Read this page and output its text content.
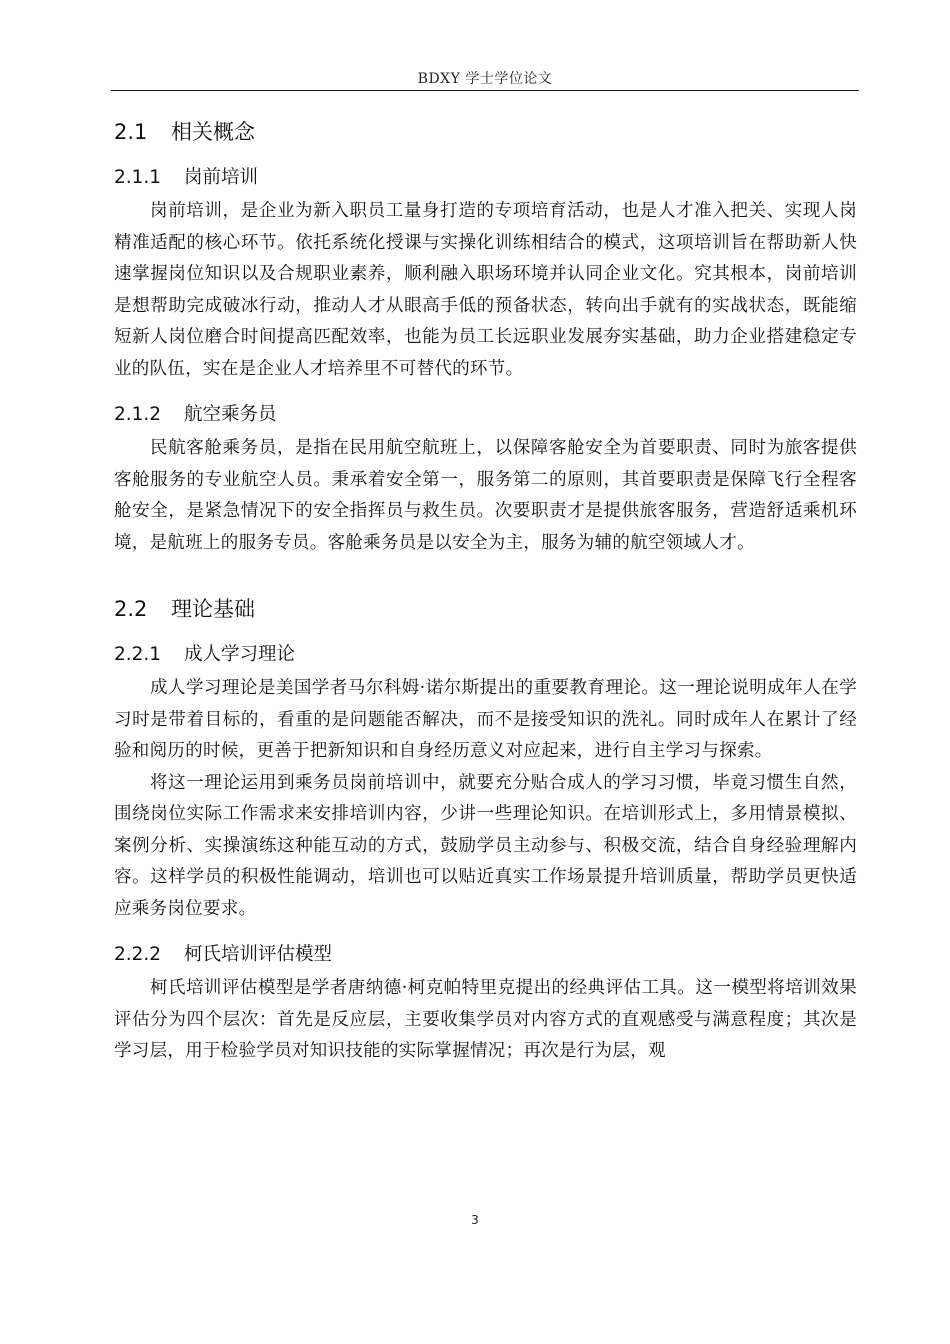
BDXY 学士学位论文
2.1 相关概念
2.1.1 岗前培训

岗前培训，是企业为新入职员工量身打造的专项培育活动，也是人才准入把关、实现人岗精准适配的核心环节。依托系统化授课与实操化训练相结合的模式，这项培训旨在帮助新人快速掌握岗位知识以及合规职业素养，顺利融入职场环境并认同企业文化。究其根本，岗前培训是想帮助完成破冰行动，推动人才从眼高手低的预备状态，转向出手就有的实战状态，既能缩短新人岗位磨合时间提高匹配效率，也能为员工长远职业发展夯实基础，助力企业搭建稳定专业的队伍，实在是企业人才培养里不可替代的环节。

2.1.2 航空乘务员

民航客舱乘务员，是指在民用航空航班上，以保障客舱安全为首要职责、同时为旅客提供客舱服务的专业航空人员。秉承着安全第一，服务第二的原则，其首要职责是保障飞行全程客舱安全，是紧急情况下的安全指挥员与救生员。次要职责才是提供旅客服务，营造舒适乘机环境，是航班上的服务专员。客舱乘务员是以安全为主，服务为辅的航空领域人才。

2.2 理论基础
2.2.1 成人学习理论

成人学习理论是美国学者马尔科姆·诺尔斯提出的重要教育理论。这一理论说明成年人在学习时是带着目标的，看重的是问题能否解决，而不是接受知识的洗礼。同时成年人在累计了经验和阅历的时候，更善于把新知识和自身经历意义对应起来，进行自主学习与探索。

将这一理论运用到乘务员岗前培训中，就要充分贴合成人的学习习惯，毕竟习惯生自然，围绕岗位实际工作需求来安排培训内容，少讲一些理论知识。在培训形式上，多用情景模拟、案例分析、实操演练这种能互动的方式，鼓励学员主动参与、积极交流，结合自身经验理解内容。这样学员的积极性能调动，培训也可以贴近真实工作场景提升培训质量，帮助学员更快适应乘务岗位要求。

2.2.2 柯氏培训评估模型

柯氏培训评估模型是学者唐纳德·柯克帕特里克提出的经典评估工具。这一模型将培训效果评估分为四个层次：首先是反应层，主要收集学员对内容方式的直观感受与满意程度；其次是学习层，用于检验学员对知识技能的实际掌握情况；再次是行为层，观

3
